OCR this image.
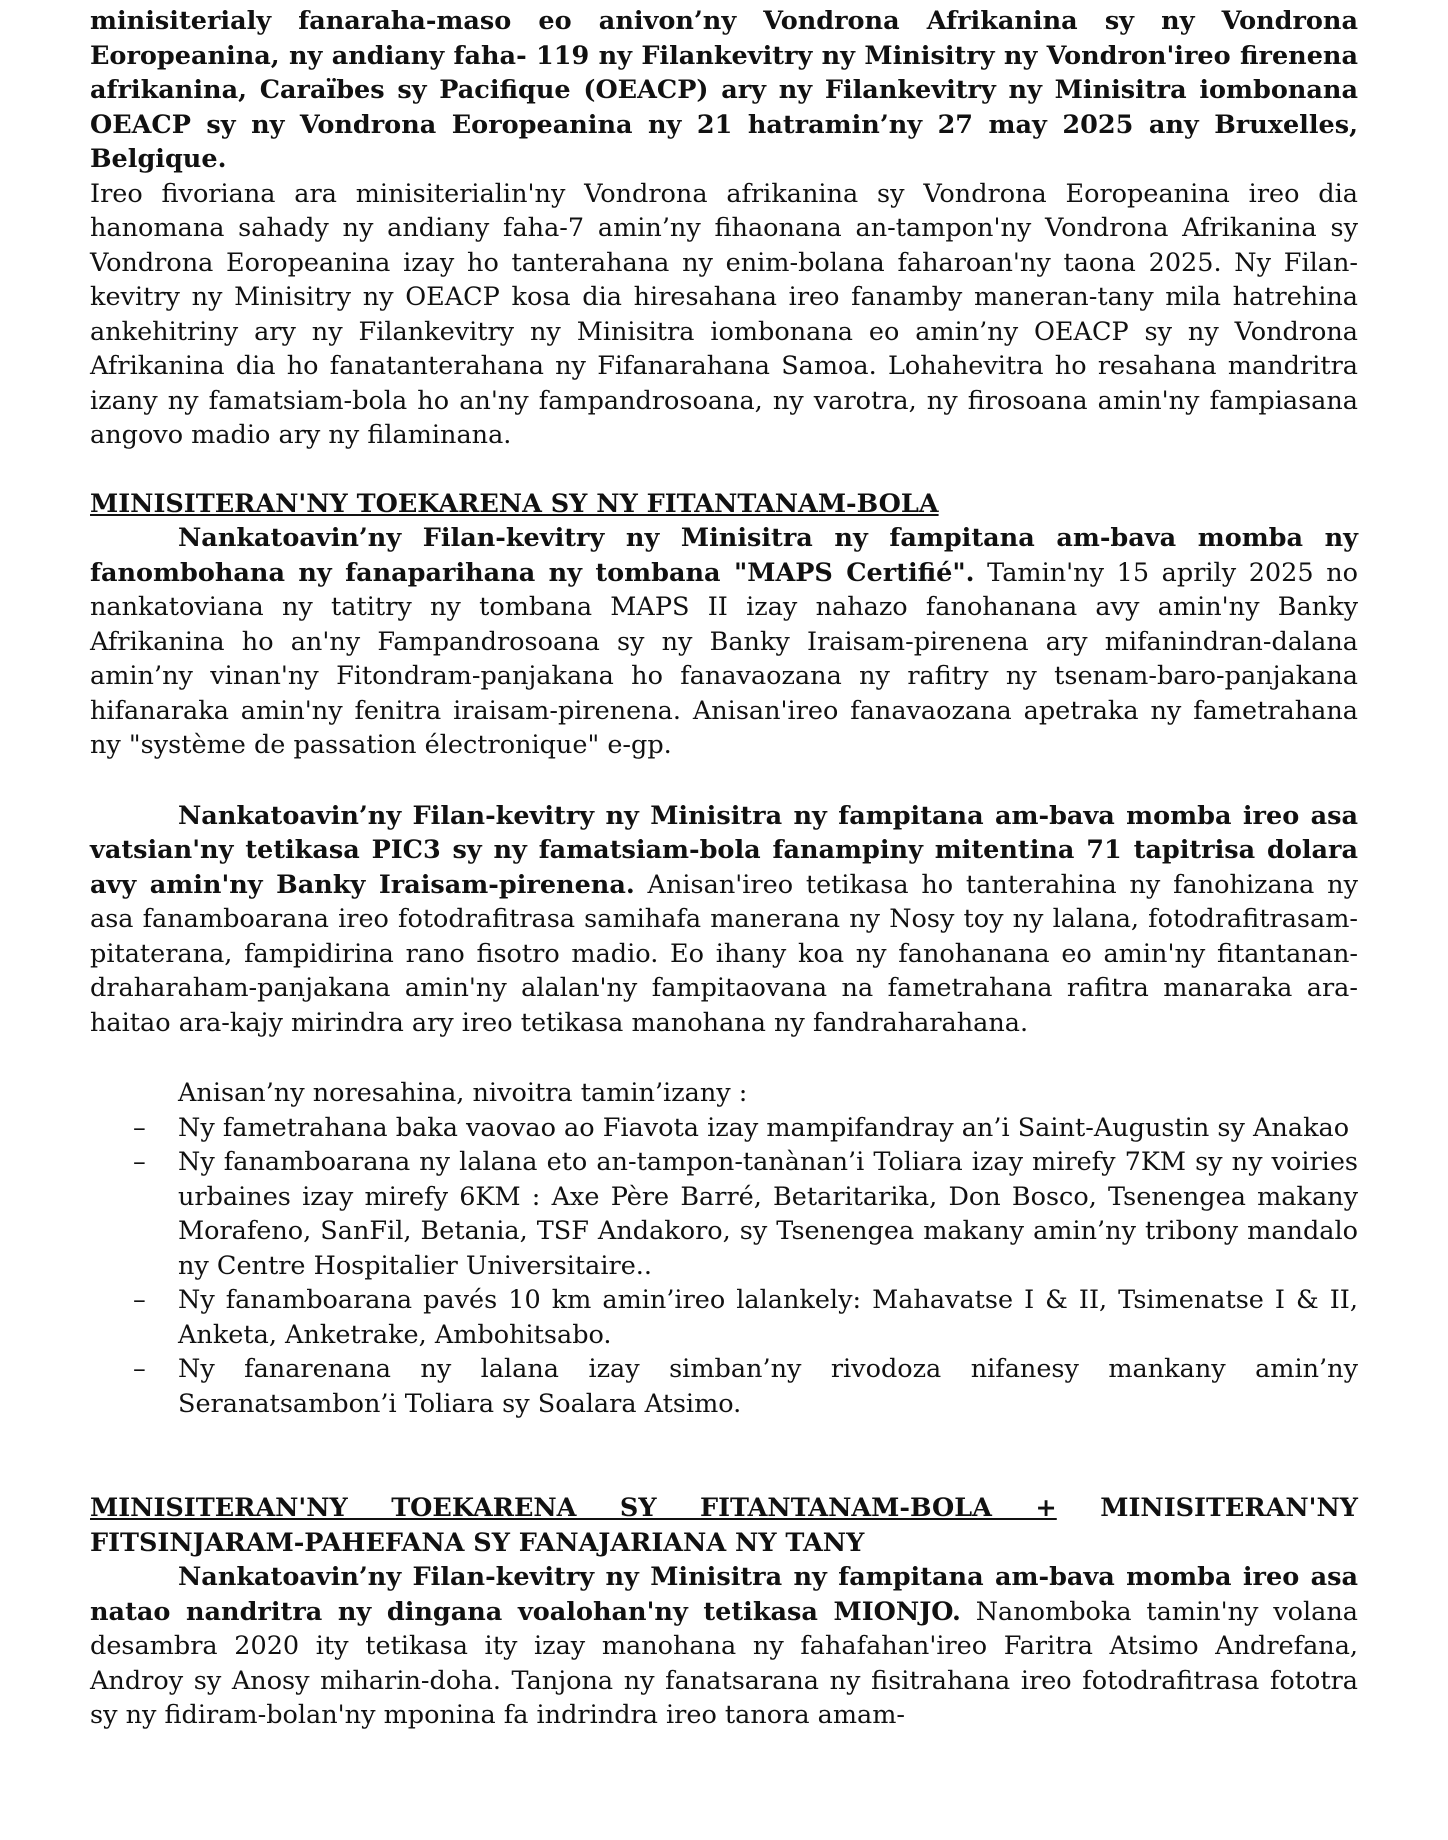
minisiterialy fanaraha-maso eo anivon’ny Vondrona Afrikanina sy ny Vondrona Eoropeanina, ny andiany faha- 119 ny Filankevitry ny Minisitry ny Vondron'ireo firenena afrikanina, Caraïbes sy Pacifique (OEACP) ary ny Filankevitry ny Minisitra iombonana OEACP sy ny Vondrona Eoropeanina ny 21 hatramin’ny 27 may 2025 any Bruxelles, Belgique.

Ireo fivoriana ara minisiterialin'ny Vondrona afrikanina sy Vondrona Eoropeanina ireo dia hanomana sahady ny andiany faha-7 amin’ny fihaonana an-tampon'ny Vondrona Afrikanina sy Vondrona Eoropeanina izay ho tanterahana ny enim-bolana faharoan'ny taona 2025. Ny Filan-kevitry ny Minisitry ny OEACP kosa dia hiresahana ireo fanamby maneran-tany mila hatrehina ankehitriny ary ny Filankevitry ny Minisitra iombonana eo amin’ny OEACP sy ny Vondrona Afrikanina dia ho fanatanterahana ny Fifanarahana Samoa. Lohahevitra ho resahana mandritra izany ny famatsiam-bola ho an'ny fampandrosoana, ny varotra, ny firosoana amin'ny fampiasana angovo madio ary ny filaminana.

MINISITERAN'NY TOEKARENA SY NY FITANTANAM-BOLA

Nankatoavin’ny Filan-kevitry ny Minisitra ny fampitana am-bava momba ny fanombohana ny fanaparihana ny tombana "MAPS Certifié". Tamin'ny 15 aprily 2025 no nankatoviana ny tatitry ny tombana MAPS II izay nahazo fanohanana avy amin'ny Banky Afrikanina ho an'ny Fampandrosoana sy ny Banky Iraisam-pirenena ary mifanindran-dalana amin’ny vinan'ny Fitondram-panjakana ho fanavaozana ny rafitry ny tsenam-baro-panjakana hifanaraka amin'ny fenitra iraisam-pirenena. Anisan'ireo fanavaozana apetraka ny fametrahana ny "système de passation électronique" e-gp.

Nankatoavin’ny Filan-kevitry ny Minisitra ny fampitana am-bava momba ireo asa vatsian'ny tetikasa PIC3 sy ny famatsiam-bola fanampiny mitentina 71 tapitrisa dolara avy amin'ny Banky Iraisam-pirenena. Anisan'ireo tetikasa ho tanterahina ny fanohizana ny asa fanamboarana ireo fotodrafitrasa samihafa manerana ny Nosy toy ny lalana, fotodrafitrasam-pitaterana, fampidirina rano fisotro madio. Eo ihany koa ny fanohanana eo amin'ny fitantanan-draharaham-panjakana amin'ny alalan'ny fampitaovana na fametrahana rafitra manaraka ara-haitao ara-kajy mirindra ary ireo tetikasa manohana ny fandraharahana.

Anisan’ny noresahina, nivoitra tamin’izany :

– Ny fametrahana baka vaovao ao Fiavota izay mampifandray an’i Saint-Augustin sy Anakao
– Ny fanamboarana ny lalana eto an-tampon-tanànan’i Toliara izay mirefy 7KM sy ny voiries urbaines izay mirefy 6KM : Axe Père Barré, Betaritarika, Don Bosco, Tsenengea makany Morafeno, SanFil, Betania, TSF Andakoro, sy Tsenengea makany amin’ny tribony mandalo ny Centre Hospitalier Universitaire..
– Ny fanamboarana pavés 10 km amin’ireo lalankely: Mahavatse I & II, Tsimenatse I & II, Anketa, Anketrake, Ambohitsabo.
– Ny fanarenana ny lalana izay simban’ny rivodoza nifanesy mankany amin’ny Seranatsambon’i Toliara sy Soalara Atsimo.

MINISITERAN'NY TOEKARENA SY FITANTANAM-BOLA + MINISITERAN'NY FITSINJARAM-PAHEFANA SY FANAJARIANA NY TANY

Nankatoavin’ny Filan-kevitry ny Minisitra ny fampitana am-bava momba ireo asa natao nandritra ny dingana voalohan'ny tetikasa MIONJO. Nanomboka tamin'ny volana desambra 2020 ity tetikasa ity izay manohana ny fahafahan'ireo Faritra Atsimo Andrefana, Androy sy Anosy miharin-doha. Tanjona ny fanatsarana ny fisitrahana ireo fotodrafitrasa fototra sy ny fidiram-bolan'ny mponina fa indrindra ireo tanora amam-
